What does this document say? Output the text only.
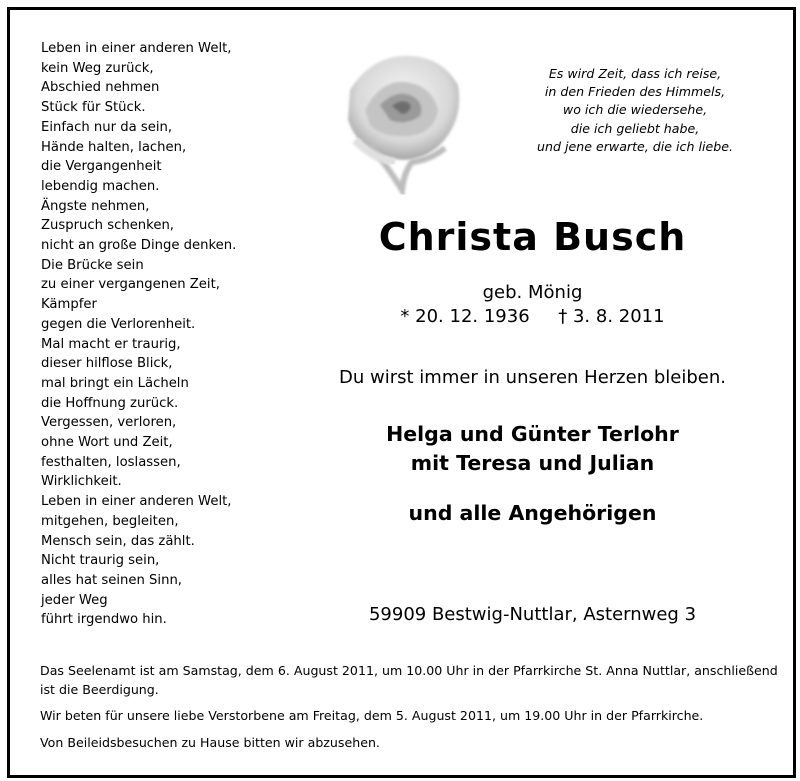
Leben in einer anderen Welt,
kein Weg zurück,
Abschied nehmen
Stück für Stück.
Einfach nur da sein,
Hände halten, lachen,
die Vergangenheit
lebendig machen.
Ängste nehmen,
Zuspruch schenken,
nicht an große Dinge denken.
Die Brücke sein
zu einer vergangenen Zeit,
Kämpfer
gegen die Verlorenheit.
Mal macht er traurig,
dieser hilflose Blick,
mal bringt ein Lächeln
die Hoffnung zurück.
Vergessen, verloren,
ohne Wort und Zeit,
festhalten, loslassen,
Wirklichkeit.
Leben in einer anderen Welt,
mitgehen, begleiten,
Mensch sein, das zählt.
Nicht traurig sein,
alles hat seinen Sinn,
jeder Weg
führt irgendwo hin.
Es wird Zeit, dass ich reise,
in den Frieden des Himmels,
wo ich die wiedersehe,
die ich geliebt habe,
und jene erwarte, die ich liebe.
Christa Busch
geb. Mönig
* 20. 12. 1936     † 3. 8. 2011
Du wirst immer in unseren Herzen bleiben.
Helga und Günter Terlohr
mit Teresa und Julian
und alle Angehörigen
59909 Bestwig-Nuttlar, Asternweg 3

Das Seelenamt ist am Samstag, dem 6. August 2011, um 10.00 Uhr in der Pfarrkirche St. Anna Nuttlar, anschließend ist die Beerdigung.

Wir beten für unsere liebe Verstorbene am Freitag, dem 5. August 2011, um 19.00 Uhr in der Pfarrkirche.

Von Beileidsbesuchen zu Hause bitten wir abzusehen.
